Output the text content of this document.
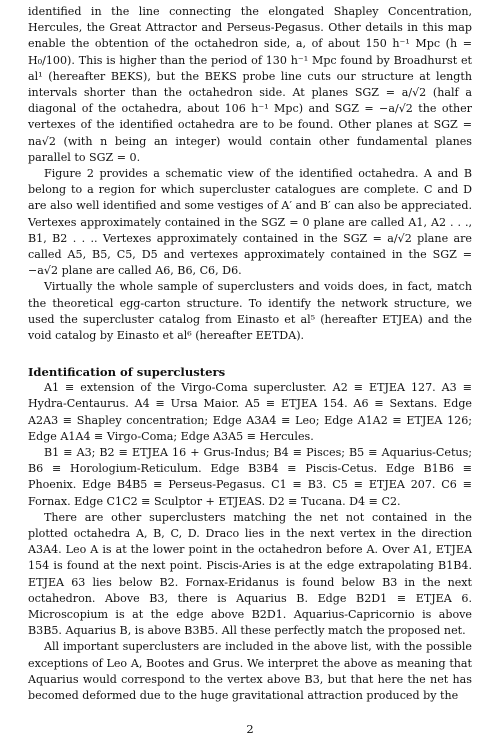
identified in the line connecting the elongated Shapley Concentration, Hercules, the Great Attractor and Perseus-Pegasus. Other details in this map enable the obtention of the octahedron side, a, of about 150 h⁻¹ Mpc (h = H₀/100). This is higher than the period of 130 h⁻¹ Mpc found by Broadhurst et al¹ (hereafter BEKS), but the BEKS probe line cuts our structure at length intervals shorter than the octahedron side. At planes SGZ = a/√2 (half a diagonal of the octahedra, about 106 h⁻¹ Mpc) and SGZ = −a/√2 the other vertexes of the identified octahedra are to be found. Other planes at SGZ = na√2 (with n being an integer) would contain other fundamental planes parallel to SGZ = 0.

Figure 2 provides a schematic view of the identified octahedra. A and B belong to a region for which supercluster catalogues are complete. C and D are also well identified and some vestiges of A′ and B′ can also be appreciated. Vertexes approximately contained in the SGZ = 0 plane are called A1, A2 . . ., B1, B2 . . .. Vertexes approximately contained in the SGZ = a/√2 plane are called A5, B5, C5, D5 and vertexes approximately contained in the SGZ = −a√2 plane are called A6, B6, C6, D6.

Virtually the whole sample of superclusters and voids does, in fact, match the theoretical egg-carton structure. To identify the network structure, we used the supercluster catalog from Einasto et al⁵ (hereafter ETJEA) and the void catalog by Einasto et al⁶ (hereafter EETDA).

Identification of superclusters

A1 ≡ extension of the Virgo-Coma supercluster. A2 ≡ ETJEA 127. A3 ≡ Hydra-Centaurus. A4 ≡ Ursa Maior. A5 ≡ ETJEA 154. A6 ≡ Sextans. Edge A2A3 ≡ Shapley concentration; Edge A3A4 ≡ Leo; Edge A1A2 ≡ ETJEA 126; Edge A1A4 ≡ Virgo-Coma; Edge A3A5 ≡ Hercules.

B1 ≡ A3; B2 ≡ ETJEA 16 + Grus-Indus; B4 ≡ Pisces; B5 ≡ Aquarius-Cetus; B6 ≡ Horologium-Reticulum. Edge B3B4 ≡ Piscis-Cetus. Edge B1B6 ≡ Phoenix. Edge B4B5 ≡ Perseus-Pegasus. C1 ≡ B3. C5 ≡ ETJEA 207. C6 ≡ Fornax. Edge C1C2 ≡ Sculptor + ETJEAS. D2 ≡ Tucana. D4 ≡ C2.

There are other superclusters matching the net not contained in the plotted octahedra A, B, C, D. Draco lies in the next vertex in the direction A3A4. Leo A is at the lower point in the octahedron before A. Over A1, ETJEA 154 is found at the next point. Piscis-Aries is at the edge extrapolating B1B4. ETJEA 63 lies below B2. Fornax-Eridanus is found below B3 in the next octahedron. Above B3, there is Aquarius B. Edge B2D1 ≡ ETJEA 6. Microscopium is at the edge above B2D1. Aquarius-Capricornio is above B3B5. Aquarius B, is above B3B5. All these perfectly match the proposed net.

All important superclusters are included in the above list, with the possible exceptions of Leo A, Bootes and Grus. We interpret the above as meaning that Aquarius would correspond to the vertex above B3, but that here the net has becomed deformed due to the huge gravitational attraction produced by the

2
